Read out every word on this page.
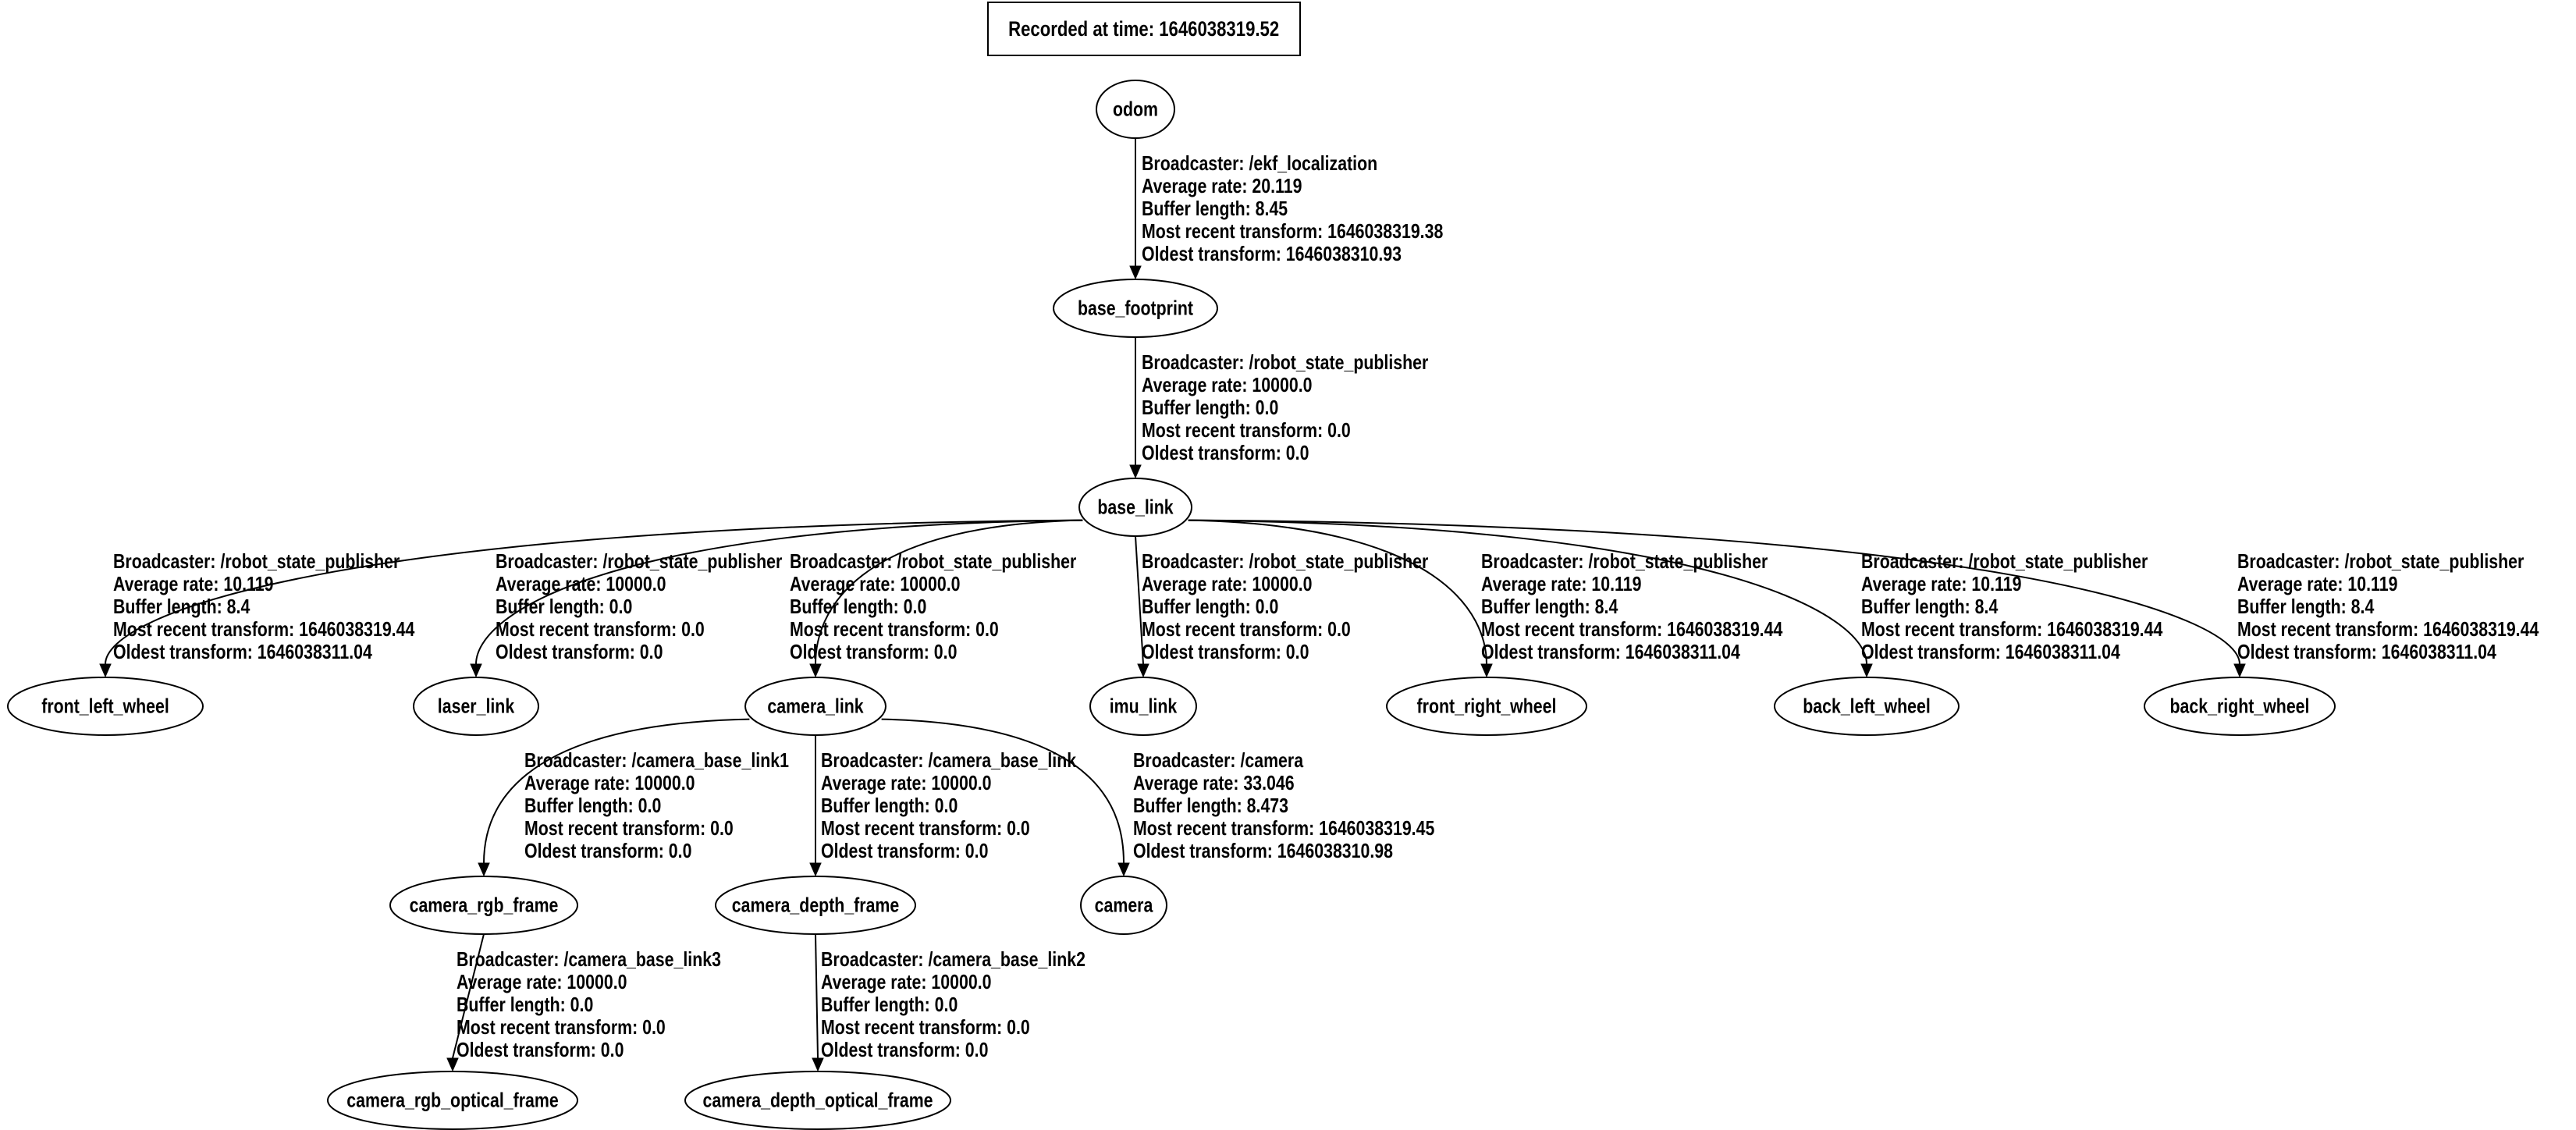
Recorded at time: 1646038319.52
Broadcaster: /ekf_localization
Average rate: 20.119
Buffer length: 8.45
Most recent transform: 1646038319.38
Oldest transform: 1646038310.93
Broadcaster: /robot_state_publisher
Average rate: 10000.0
Buffer length: 0.0
Most recent transform: 0.0
Oldest transform: 0.0
Broadcaster: /robot_state_publisher
Average rate: 10.119
Buffer length: 8.4
Most recent transform: 1646038319.44
Oldest transform: 1646038311.04
Broadcaster: /robot_state_publisher
Average rate: 10000.0
Buffer length: 0.0
Most recent transform: 0.0
Oldest transform: 0.0
Broadcaster: /robot_state_publisher
Average rate: 10000.0
Buffer length: 0.0
Most recent transform: 0.0
Oldest transform: 0.0
Broadcaster: /robot_state_publisher
Average rate: 10000.0
Buffer length: 0.0
Most recent transform: 0.0
Oldest transform: 0.0
Broadcaster: /robot_state_publisher
Average rate: 10.119
Buffer length: 8.4
Most recent transform: 1646038319.44
Oldest transform: 1646038311.04
Broadcaster: /robot_state_publisher
Average rate: 10.119
Buffer length: 8.4
Most recent transform: 1646038319.44
Oldest transform: 1646038311.04
Broadcaster: /robot_state_publisher
Average rate: 10.119
Buffer length: 8.4
Most recent transform: 1646038319.44
Oldest transform: 1646038311.04
Broadcaster: /camera_base_link1
Average rate: 10000.0
Buffer length: 0.0
Most recent transform: 0.0
Oldest transform: 0.0
Broadcaster: /camera_base_link
Average rate: 10000.0
Buffer length: 0.0
Most recent transform: 0.0
Oldest transform: 0.0
Broadcaster: /camera
Average rate: 33.046
Buffer length: 8.473
Most recent transform: 1646038319.45
Oldest transform: 1646038310.98
Broadcaster: /camera_base_link3
Average rate: 10000.0
Buffer length: 0.0
Most recent transform: 0.0
Oldest transform: 0.0
Broadcaster: /camera_base_link2
Average rate: 10000.0
Buffer length: 0.0
Most recent transform: 0.0
Oldest transform: 0.0
odom
base_footprint
base_link
front_left_wheel	laser_link	camera_link	imu_link	front_right_wheel	back_left_wheel	back_right_wheel
camera_rgb_frame	camera_depth_frame	camera
camera_rgb_optical_frame	camera_depth_optical_frame
